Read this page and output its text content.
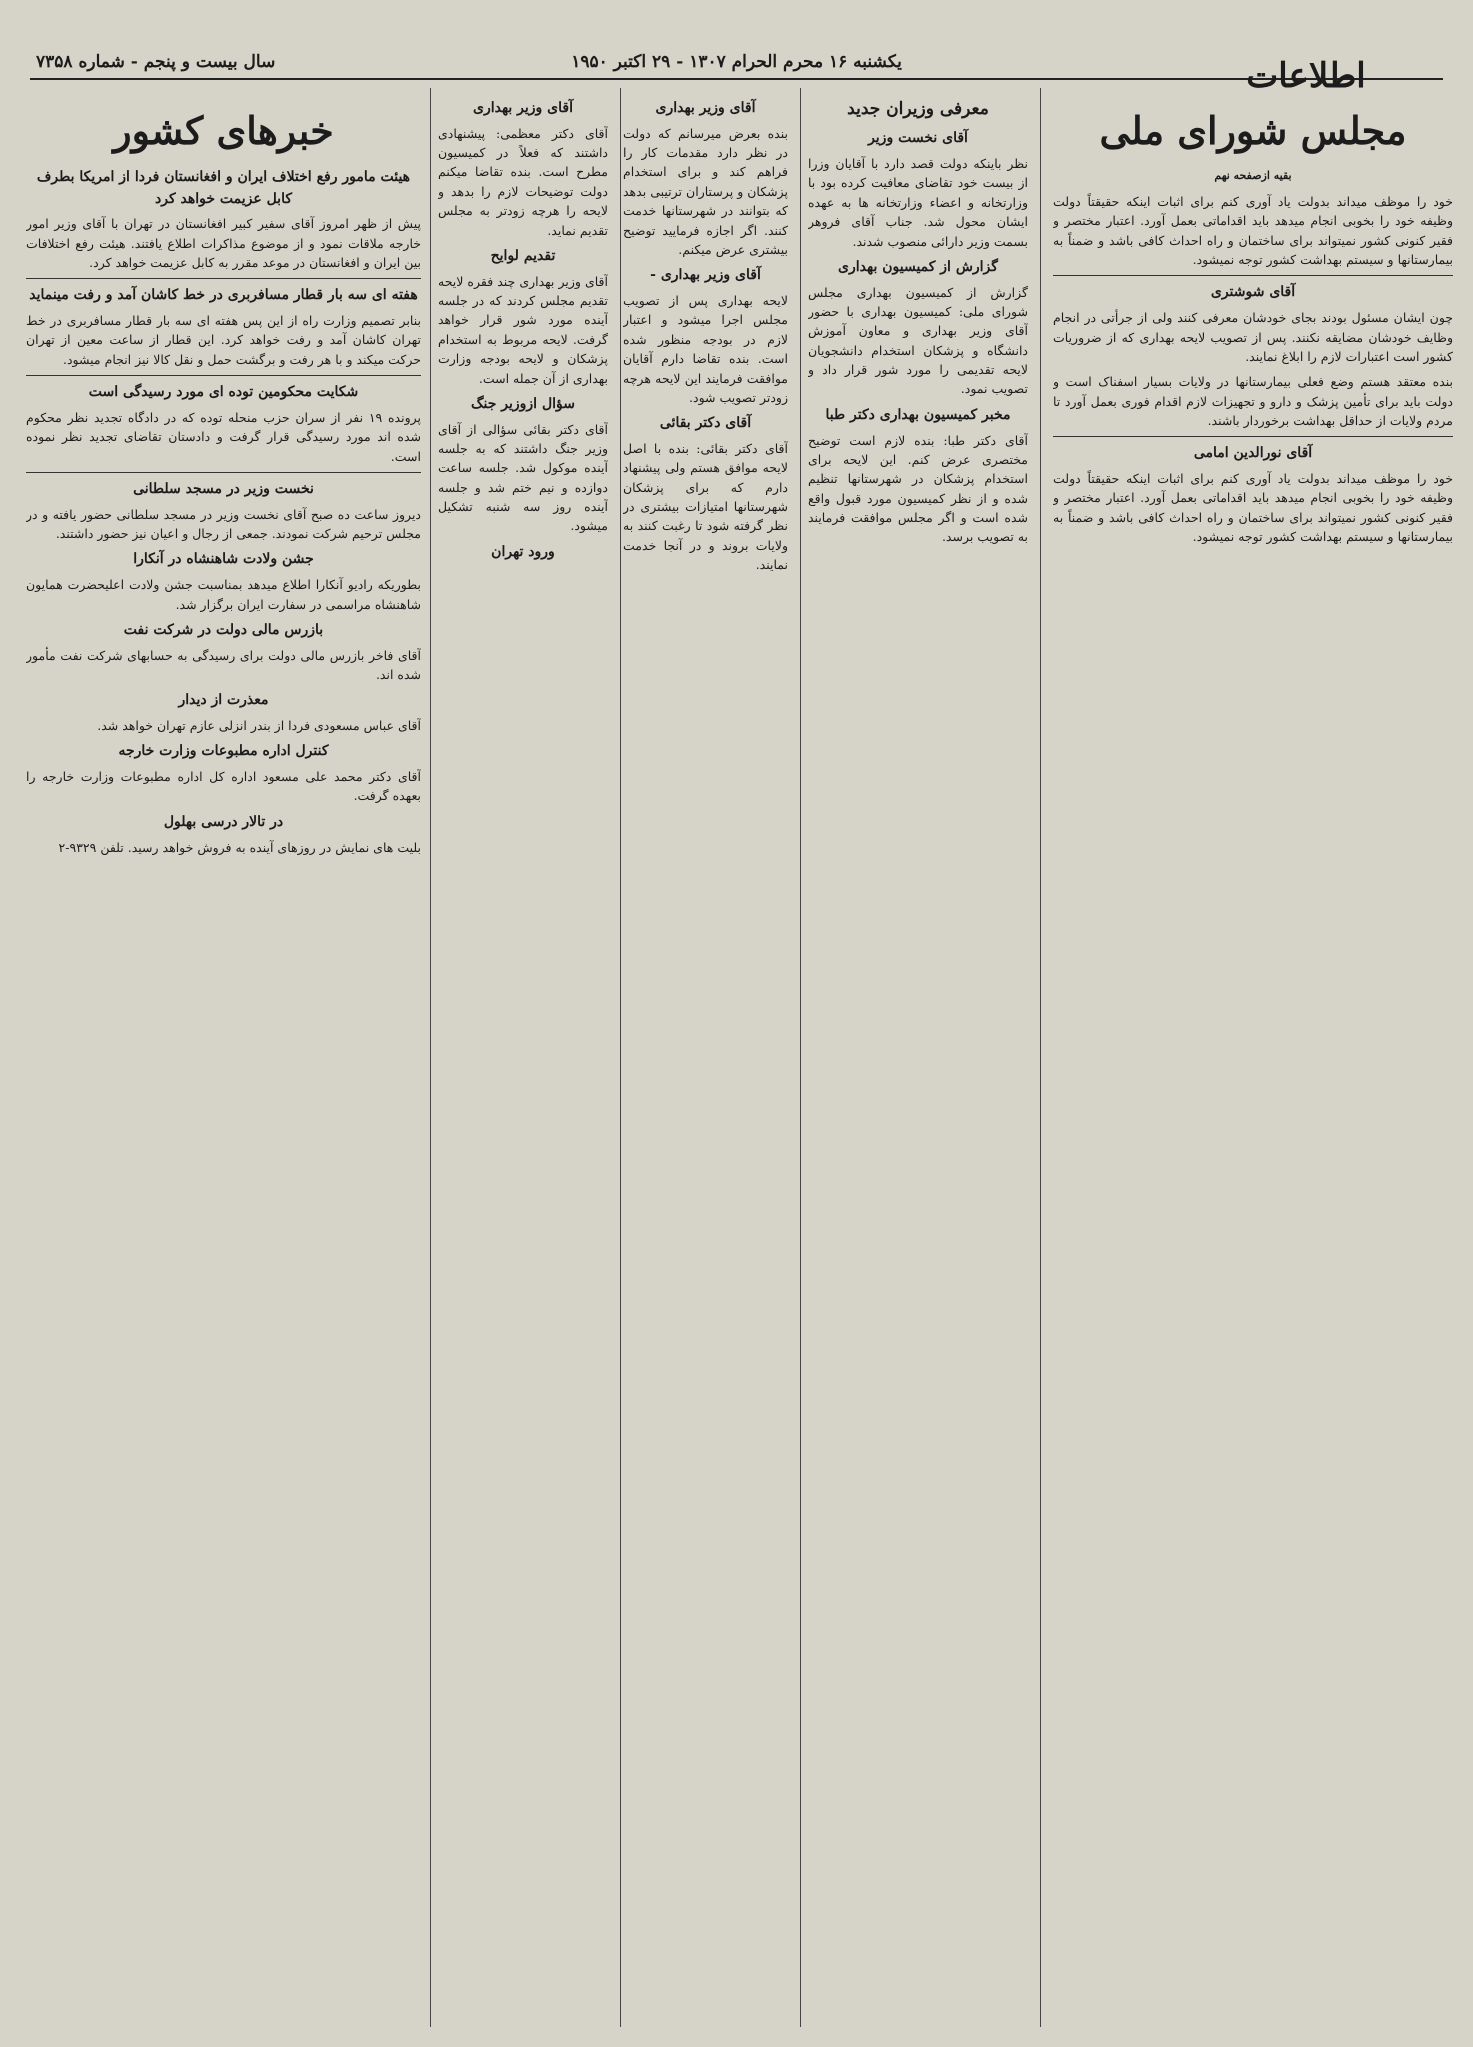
اطلاعات
یکشنبه ۱۶ محرم الحرام ۱۳۰۷ - ۲۹ اکتبر ۱۹۵۰
سال بیست و پنجم - شماره ۷۳۵۸
مجلس شورای ملی
بقیه ازصفحه نهم

خود را موظف میداند بدولت یاد آوری کنم برای اثبات اینکه حقیقتاً دولت وظیفه خود را بخوبی انجام میدهد باید اقداماتی بعمل آورد. اعتبار مختصر و فقیر کنونی کشور نمیتواند برای ساختمان و راه احداث کافی باشد و ضمناً به بیمارستانها و سیستم بهداشت کشور توجه نمیشود.

آقای شوشتری

چون ایشان مسئول بودند بجای خودشان معرفی کنند ولی از جرأتی در انجام وظایف خودشان مضایقه نکنند. پس از تصویب لایحه بهداری که از ضروریات کشور است اعتبارات لازم را ابلاغ نمایند.

بنده معتقد هستم وضع فعلی بیمارستانها در ولایات بسیار اسفناک است و دولت باید برای تأمین پزشک و دارو و تجهیزات لازم اقدام فوری بعمل آورد تا مردم ولایات از حداقل بهداشت برخوردار باشند.

آقای نورالدین امامی

خود را موظف میداند بدولت یاد آوری کنم برای اثبات اینکه حقیقتاً دولت وظیفه خود را بخوبی انجام میدهد باید اقداماتی بعمل آورد. اعتبار مختصر و فقیر کنونی کشور نمیتواند برای ساختمان و راه احداث کافی باشد و ضمناً به بیمارستانها و سیستم بهداشت کشور توجه نمیشود.

معرفی وزیران جدید
آقای نخست وزیر

نظر باینکه دولت قصد دارد با آقایان وزرا از بیست خود تقاضای معافیت کرده بود با وزارتخانه و اعضاء وزارتخانه ها به عهده ایشان محول شد. جناب آقای فروهر بسمت وزیر دارائی منصوب شدند.

گزارش از کمیسیون بهداری

گزارش از کمیسیون بهداری مجلس شورای ملی: کمیسیون بهداری با حضور آقای وزیر بهداری و معاون آموزش دانشگاه و پزشکان استخدام دانشجویان لایحه تقدیمی را مورد شور قرار داد و تصویب نمود.

مخبر کمیسیون بهداری دکتر طبا

آقای دکتر طبا: بنده لازم است توضیح مختصری عرض کنم. این لایحه برای استخدام پزشکان در شهرستانها تنظیم شده و از نظر کمیسیون مورد قبول واقع شده است و اگر مجلس موافقت فرمایند به تصویب برسد.

آقای وزیر بهداری

بنده بعرض میرسانم که دولت در نظر دارد مقدمات کار را فراهم کند و برای استخدام پزشکان و پرستاران ترتیبی بدهد که بتوانند در شهرستانها خدمت کنند. اگر اجازه فرمایید توضیح بیشتری عرض میکنم.

آقای وزیر بهداری -

لایحه بهداری پس از تصویب مجلس اجرا میشود و اعتبار لازم در بودجه منظور شده است. بنده تقاضا دارم آقایان موافقت فرمایند این لایحه هرچه زودتر تصویب شود.

آقای دکتر بقائی

آقای دکتر بقائی: بنده با اصل لایحه موافق هستم ولی پیشنهاد دارم که برای پزشکان شهرستانها امتیازات بیشتری در نظر گرفته شود تا رغبت کنند به ولایات بروند و در آنجا خدمت نمایند.

آقای وزیر بهداری

آقای دکتر معظمی: پیشنهادی داشتند که فعلاً در کمیسیون مطرح است. بنده تقاضا میکنم دولت توضیحات لازم را بدهد و لایحه را هرچه زودتر به مجلس تقدیم نماید.

تقدیم لوایح

آقای وزیر بهداری چند فقره لایحه تقدیم مجلس کردند که در جلسه آینده مورد شور قرار خواهد گرفت. لایحه مربوط به استخدام پزشکان و لایحه بودجه وزارت بهداری از آن جمله است.

سؤال ازوزیر جنگ

آقای دکتر بقائی سؤالی از آقای وزیر جنگ داشتند که به جلسه آینده موکول شد. جلسه ساعت دوازده و نیم ختم شد و جلسه آینده روز سه شنبه تشکیل میشود.

ورود تهران
خبرهای کشور
هیئت مامور رفع اختلاف ایران و افغانستان فردا از امریکا بطرف کابل عزیمت خواهد کرد

پیش از ظهر امروز آقای سفیر کبیر افغانستان در تهران با آقای وزیر امور خارجه ملاقات نمود و از موضوع مذاکرات اطلاع یافتند. هیئت رفع اختلافات بین ایران و افغانستان در موعد مقرر به کابل عزیمت خواهد کرد.

هفته ای سه بار قطار مسافربری در خط کاشان آمد و رفت مینماید

بنابر تصمیم وزارت راه از این پس هفته ای سه بار قطار مسافربری در خط تهران کاشان آمد و رفت خواهد کرد. این قطار از ساعت معین از تهران حرکت میکند و با هر رفت و برگشت حمل و نقل کالا نیز انجام میشود.

شکایت محکومین توده ای مورد رسیدگی است

پرونده ۱۹ نفر از سران حزب منحله توده که در دادگاه تجدید نظر محکوم شده اند مورد رسیدگی قرار گرفت و دادستان تقاضای تجدید نظر نموده است.

نخست وزیر در مسجد سلطانی

دیروز ساعت ده صبح آقای نخست وزیر در مسجد سلطانی حضور یافته و در مجلس ترحیم شرکت نمودند. جمعی از رجال و اعیان نیز حضور داشتند.

جشن ولادت شاهنشاه در آنکارا

بطوریکه رادیو آنکارا اطلاع میدهد بمناسبت جشن ولادت اعلیحضرت همایون شاهنشاه مراسمی در سفارت ایران برگزار شد.

بازرس مالی دولت در شرکت نفت

آقای فاخر بازرس مالی دولت برای رسیدگی به حسابهای شرکت نفت مأمور شده اند.

معذرت از دیدار

آقای عباس مسعودی فردا از بندر انزلی عازم تهران خواهد شد.

کنترل اداره مطبوعات وزارت خارجه

آقای دکتر محمد علی مسعود اداره کل اداره مطبوعات وزارت خارجه را بعهده گرفت.

در تالار درسی بهلول

بلیت های نمایش در روزهای آینده به فروش خواهد رسید. تلفن ۹۳۲۹-۲
